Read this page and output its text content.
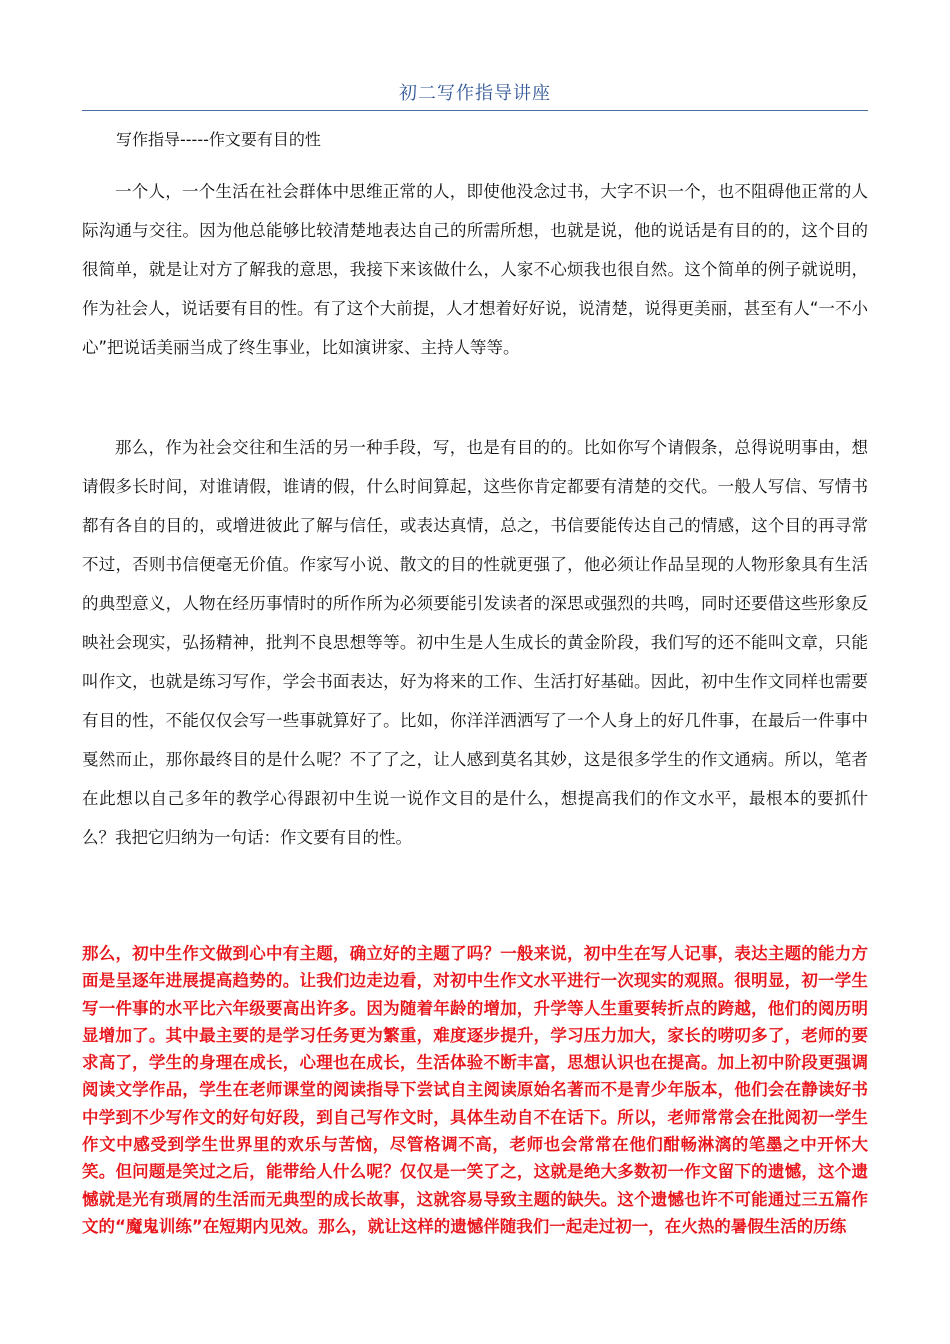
初二写作指导讲座
写作指导-----作文要有目的性

一个人，一个生活在社会群体中思维正常的人，即使他没念过书，大字不识一个，也不阻碍他正常的人际沟通与交往。因为他总能够比较清楚地表达自己的所需所想，也就是说，他的说话是有目的的，这个目的很简单，就是让对方了解我的意思，我接下来该做什么，人家不心烦我也很自然。这个简单的例子就说明，作为社会人，说话要有目的性。有了这个大前提，人才想着好好说，说清楚，说得更美丽，甚至有人“一不小心”把说话美丽当成了终生事业，比如演讲家、主持人等等。

那么，作为社会交往和生活的另一种手段，写，也是有目的的。比如你写个请假条，总得说明事由，想请假多长时间，对谁请假，谁请的假，什么时间算起，这些你肯定都要有清楚的交代。一般人写信、写情书都有各自的目的，或增进彼此了解与信任，或表达真情，总之，书信要能传达自己的情感，这个目的再寻常不过，否则书信便毫无价值。作家写小说、散文的目的性就更强了，他必须让作品呈现的人物形象具有生活的典型意义，人物在经历事情时的所作所为必须要能引发读者的深思或强烈的共鸣，同时还要借这些形象反映社会现实，弘扬精神，批判不良思想等等。初中生是人生成长的黄金阶段，我们写的还不能叫文章，只能叫作文，也就是练习写作，学会书面表达，好为将来的工作、生活打好基础。因此，初中生作文同样也需要有目的性，不能仅仅会写一些事就算好了。比如，你洋洋洒洒写了一个人身上的好几件事，在最后一件事中戛然而止，那你最终目的是什么呢？不了了之，让人感到莫名其妙，这是很多学生的作文通病。所以，笔者在此想以自己多年的教学心得跟初中生说一说作文目的是什么，想提高我们的作文水平，最根本的要抓什么？我把它归纳为一句话：作文要有目的性。

那么，初中生作文做到心中有主题，确立好的主题了吗？一般来说，初中生在写人记事，表达主题的能力方面是呈逐年进展提高趋势的。让我们边走边看，对初中生作文水平进行一次现实的观照。很明显，初一学生写一件事的水平比六年级要高出许多。因为随着年龄的增加，升学等人生重要转折点的跨越，他们的阅历明显增加了。其中最主要的是学习任务更为繁重，难度逐步提升，学习压力加大，家长的唠叨多了，老师的要求高了，学生的身理在成长，心理也在成长，生活体验不断丰富，思想认识也在提高。加上初中阶段更强调阅读文学作品，学生在老师课堂的阅读指导下尝试自主阅读原始名著而不是青少年版本，他们会在静读好书中学到不少写作文的好句好段，到自己写作文时，具体生动自不在话下。所以，老师常常会在批阅初一学生作文中感受到学生世界里的欢乐与苦恼，尽管格调不高，老师也会常常在他们酣畅淋漓的笔墨之中开怀大笑。但问题是笑过之后，能带给人什么呢？仅仅是一笑了之，这就是绝大多数初一作文留下的遗憾，这个遗憾就是光有琐屑的生活而无典型的成长故事，这就容易导致主题的缺失。这个遗憾也许不可能通过三五篇作文的“魔鬼训练”在短期内见效。那么，就让这样的遗憾伴随我们一起走过初一，在火热的暑假生活的历练
